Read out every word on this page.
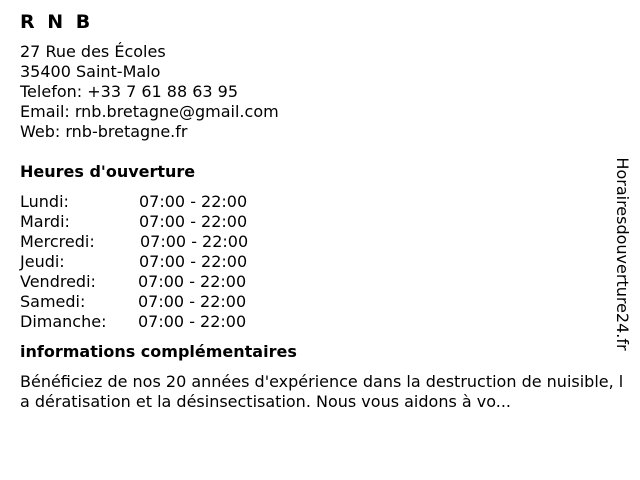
R N B
27 Rue des Écoles
35400 Saint-Malo
Telefon: +33 7 61 88 63 95
Email: rnb.bretagne@gmail.com
Web: rnb-bretagne.fr
Heures d'ouverture
Lundi:	07:00 - 22:00
Mardi:	07:00 - 22:00
Mercredi:	07:00 - 22:00
Jeudi:	07:00 - 22:00
Vendredi:	07:00 - 22:00
Samedi:	07:00 - 22:00
Dimanche: 07:00 - 22:00
informations complémentaires
Bénéficiez de nos 20 années d'expérience dans la destruction de nuisible, la dératisation et la désinsectisation. Nous vous aidons à vo...
Horairesdouverture24.fr
